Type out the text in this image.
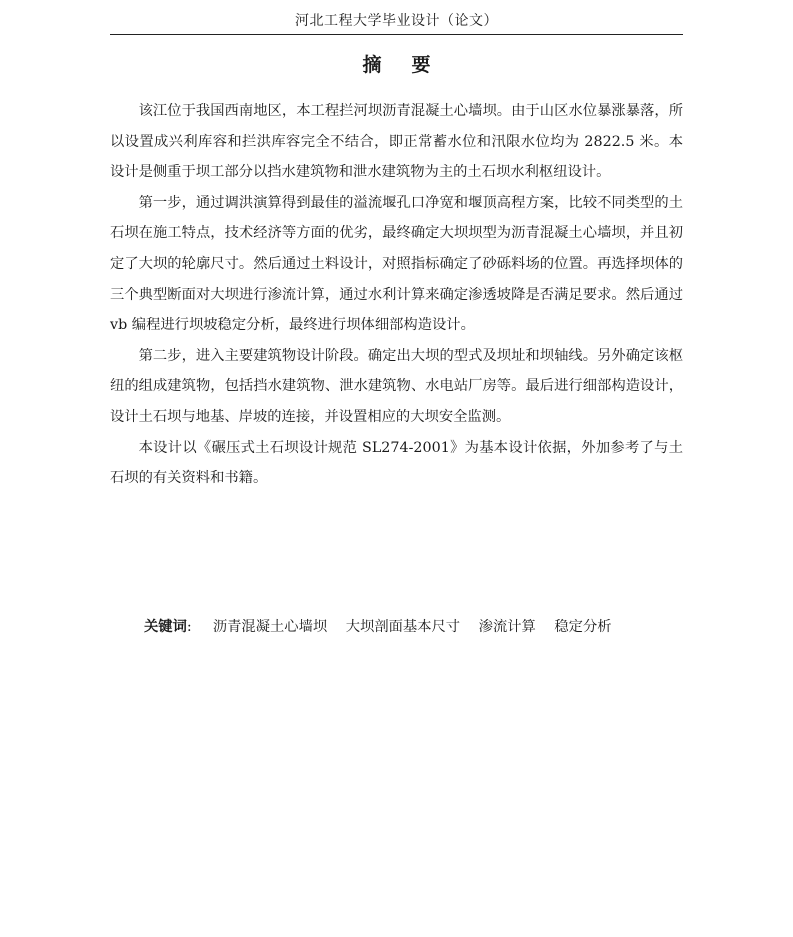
河北工程大学毕业设计（论文）
摘要

该江位于我国西南地区，本工程拦河坝沥青混凝土心墙坝。由于山区水位暴涨暴落，所以设置成兴利库容和拦洪库容完全不结合，即正常蓄水位和汛限水位均为 2822.5 米。本设计是侧重于坝工部分以挡水建筑物和泄水建筑物为主的土石坝水利枢纽设计。

第一步，通过调洪演算得到最佳的溢流堰孔口净宽和堰顶高程方案，比较不同类型的土石坝在施工特点，技术经济等方面的优劣，最终确定大坝坝型为沥青混凝土心墙坝，并且初定了大坝的轮廓尺寸。然后通过土料设计，对照指标确定了砂砾料场的位置。再选择坝体的三个典型断面对大坝进行渗流计算，通过水利计算来确定渗透坡降是否满足要求。然后通过 vb 编程进行坝坡稳定分析，最终进行坝体细部构造设计。

第二步，进入主要建筑物设计阶段。确定出大坝的型式及坝址和坝轴线。另外确定该枢纽的组成建筑物，包括挡水建筑物、泄水建筑物、水电站厂房等。最后进行细部构造设计，设计土石坝与地基、岸坡的连接，并设置相应的大坝安全监测。

本设计以《碾压式土石坝设计规范 SL274-2001》为基本设计依据，外加参考了与土石坝的有关资料和书籍。

关键词: 沥青混凝土心墙坝 大坝剖面基本尺寸 渗流计算 稳定分析
